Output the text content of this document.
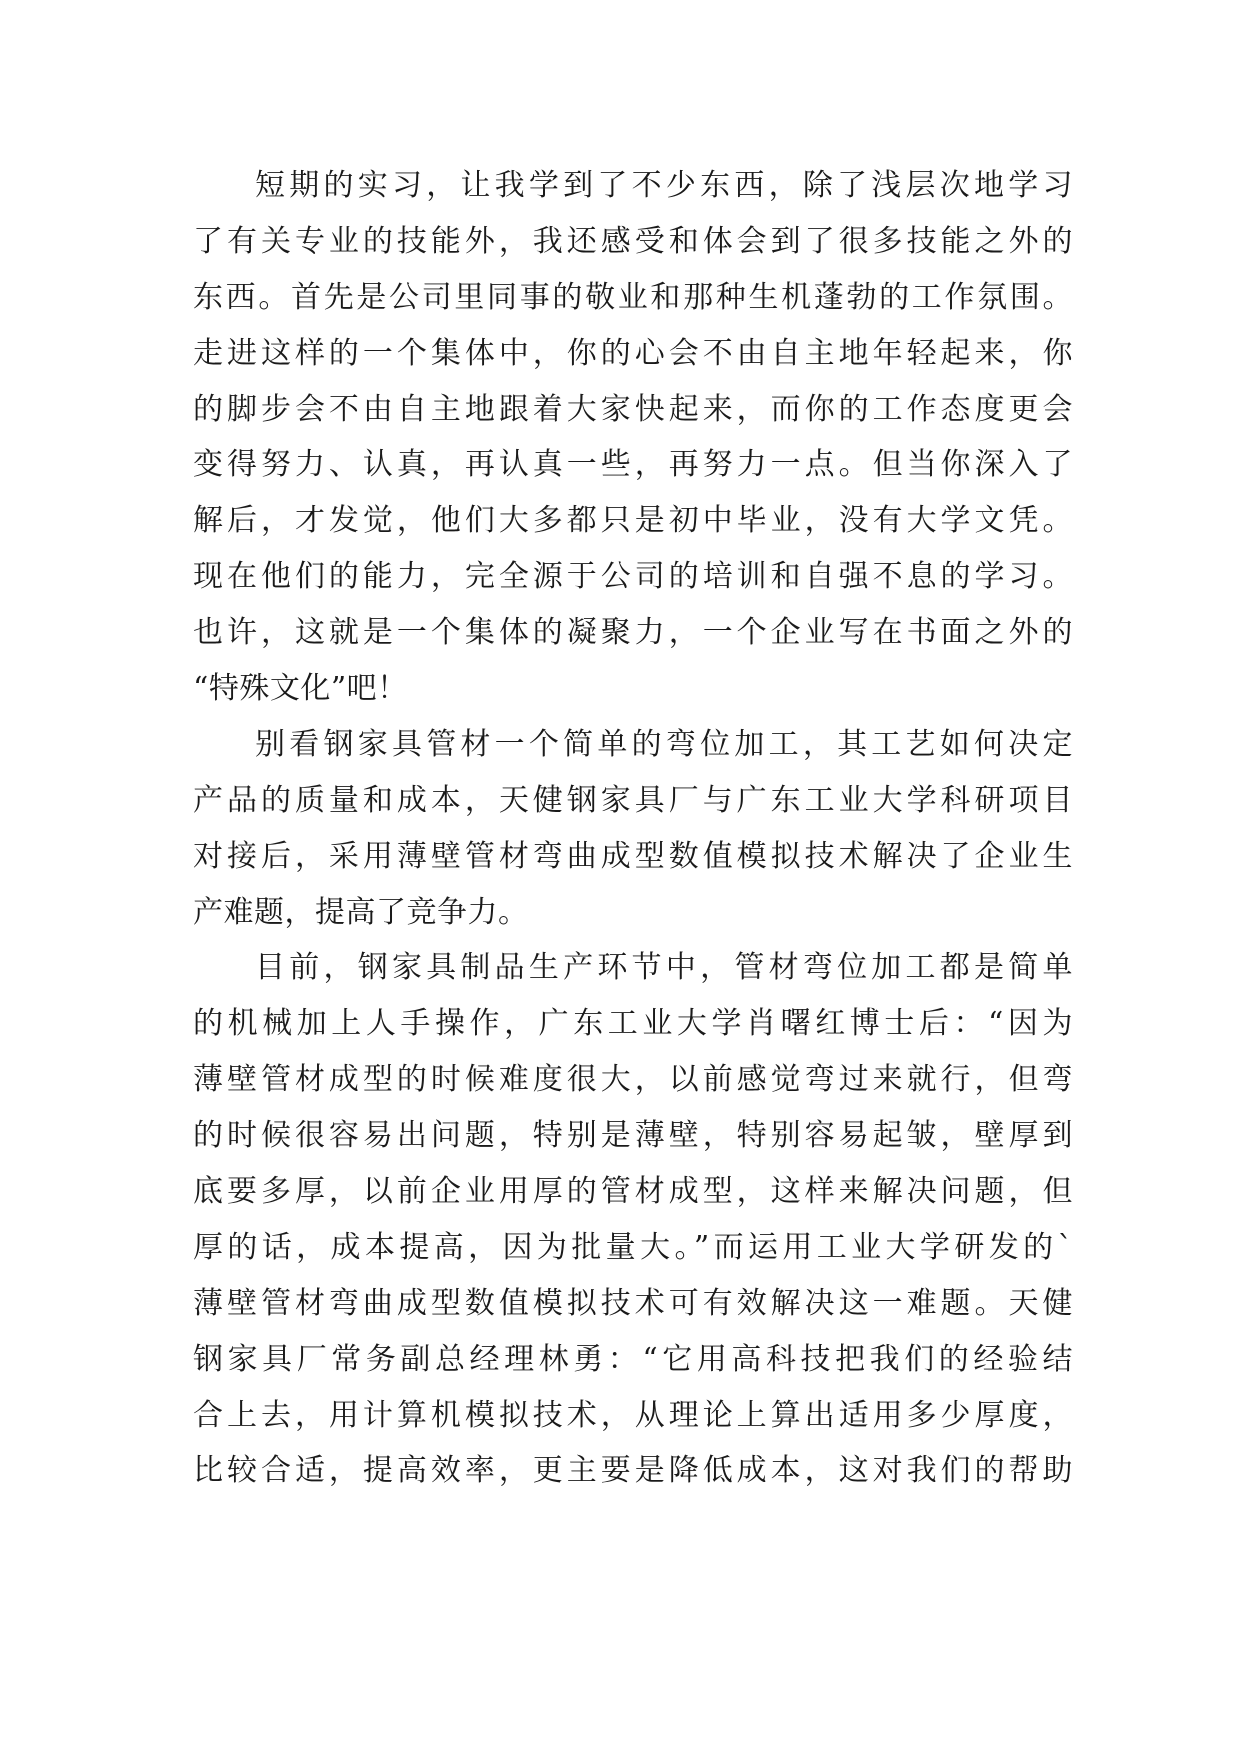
短期的实习，让我学到了不少东西，除了浅层次地学习
了有关专业的技能外，我还感受和体会到了很多技能之外的
东西。首先是公司里同事的敬业和那种生机蓬勃的工作氛围。
走进这样的一个集体中，你的心会不由自主地年轻起来，你
的脚步会不由自主地跟着大家快起来，而你的工作态度更会
变得努力、认真，再认真一些，再努力一点。但当你深入了
解后，才发觉，他们大多都只是初中毕业，没有大学文凭。
现在他们的能力，完全源于公司的培训和自强不息的学习。
也许，这就是一个集体的凝聚力，一个企业写在书面之外的
“特殊文化”吧！
别看钢家具管材一个简单的弯位加工，其工艺如何决定
产品的质量和成本，天健钢家具厂与广东工业大学科研项目
对接后，采用薄壁管材弯曲成型数值模拟技术解决了企业生
产难题，提高了竞争力。
目前，钢家具制品生产环节中，管材弯位加工都是简单
的机械加上人手操作，广东工业大学肖曙红博士后：“因为
薄壁管材成型的时候难度很大，以前感觉弯过来就行，但弯
的时候很容易出问题，特别是薄壁，特别容易起皱，壁厚到
底要多厚，以前企业用厚的管材成型，这样来解决问题，但
厚的话，成本提高，因为批量大。”而运用工业大学研发的`
薄壁管材弯曲成型数值模拟技术可有效解决这一难题。天健
钢家具厂常务副总经理林勇：“它用高科技把我们的经验结
合上去，用计算机模拟技术，从理论上算出适用多少厚度，
比较合适，提高效率，更主要是降低成本，这对我们的帮助
